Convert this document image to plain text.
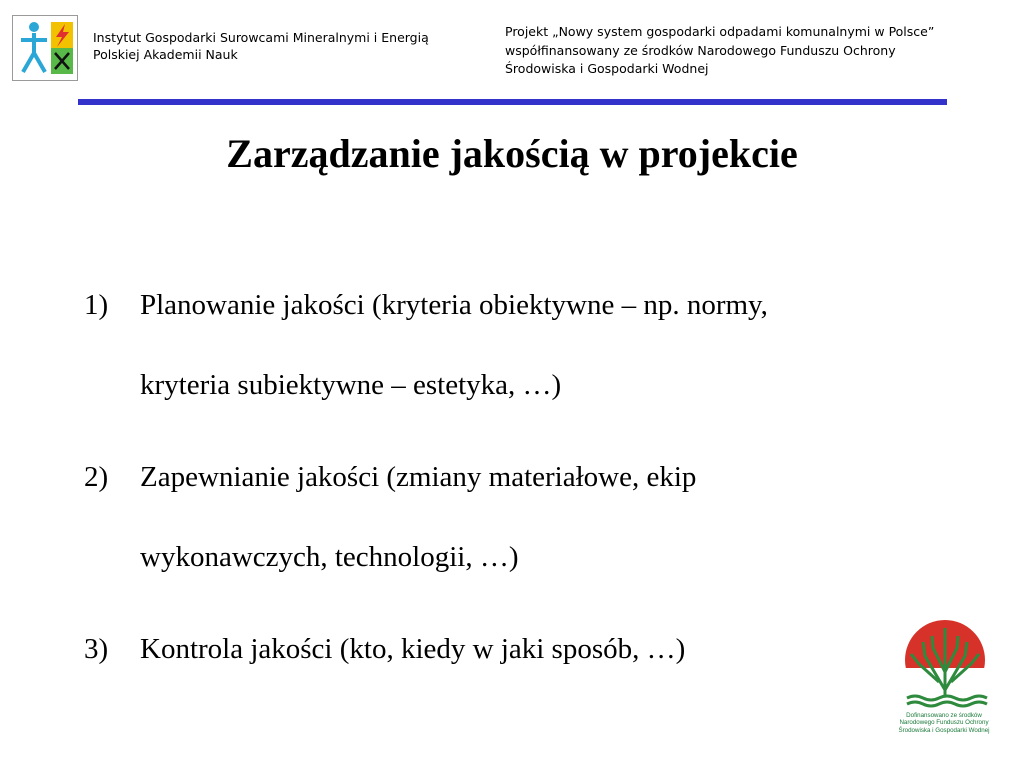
Instytut Gospodarki Surowcami Mineralnymi i Energią
Polskiej Akademii Nauk
Projekt „Nowy system gospodarki odpadami komunalnymi w Polsce”
współfinansowany ze środków Narodowego Funduszu Ochrony
Środowiska i Gospodarki Wodnej
Zarządzanie jakością w projekcie
1) Planowanie jakości (kryteria obiektywne – np. normy,
kryteria subiektywne – estetyka, …)
2) Zapewnianie jakości (zmiany materiałowe, ekip
wykonawczych, technologii, …)
3) Kontrola jakości (kto, kiedy w jaki sposób, …)
Dofinansowano ze środków
Narodowego Funduszu Ochrony
Środowiska i Gospodarki Wodnej
